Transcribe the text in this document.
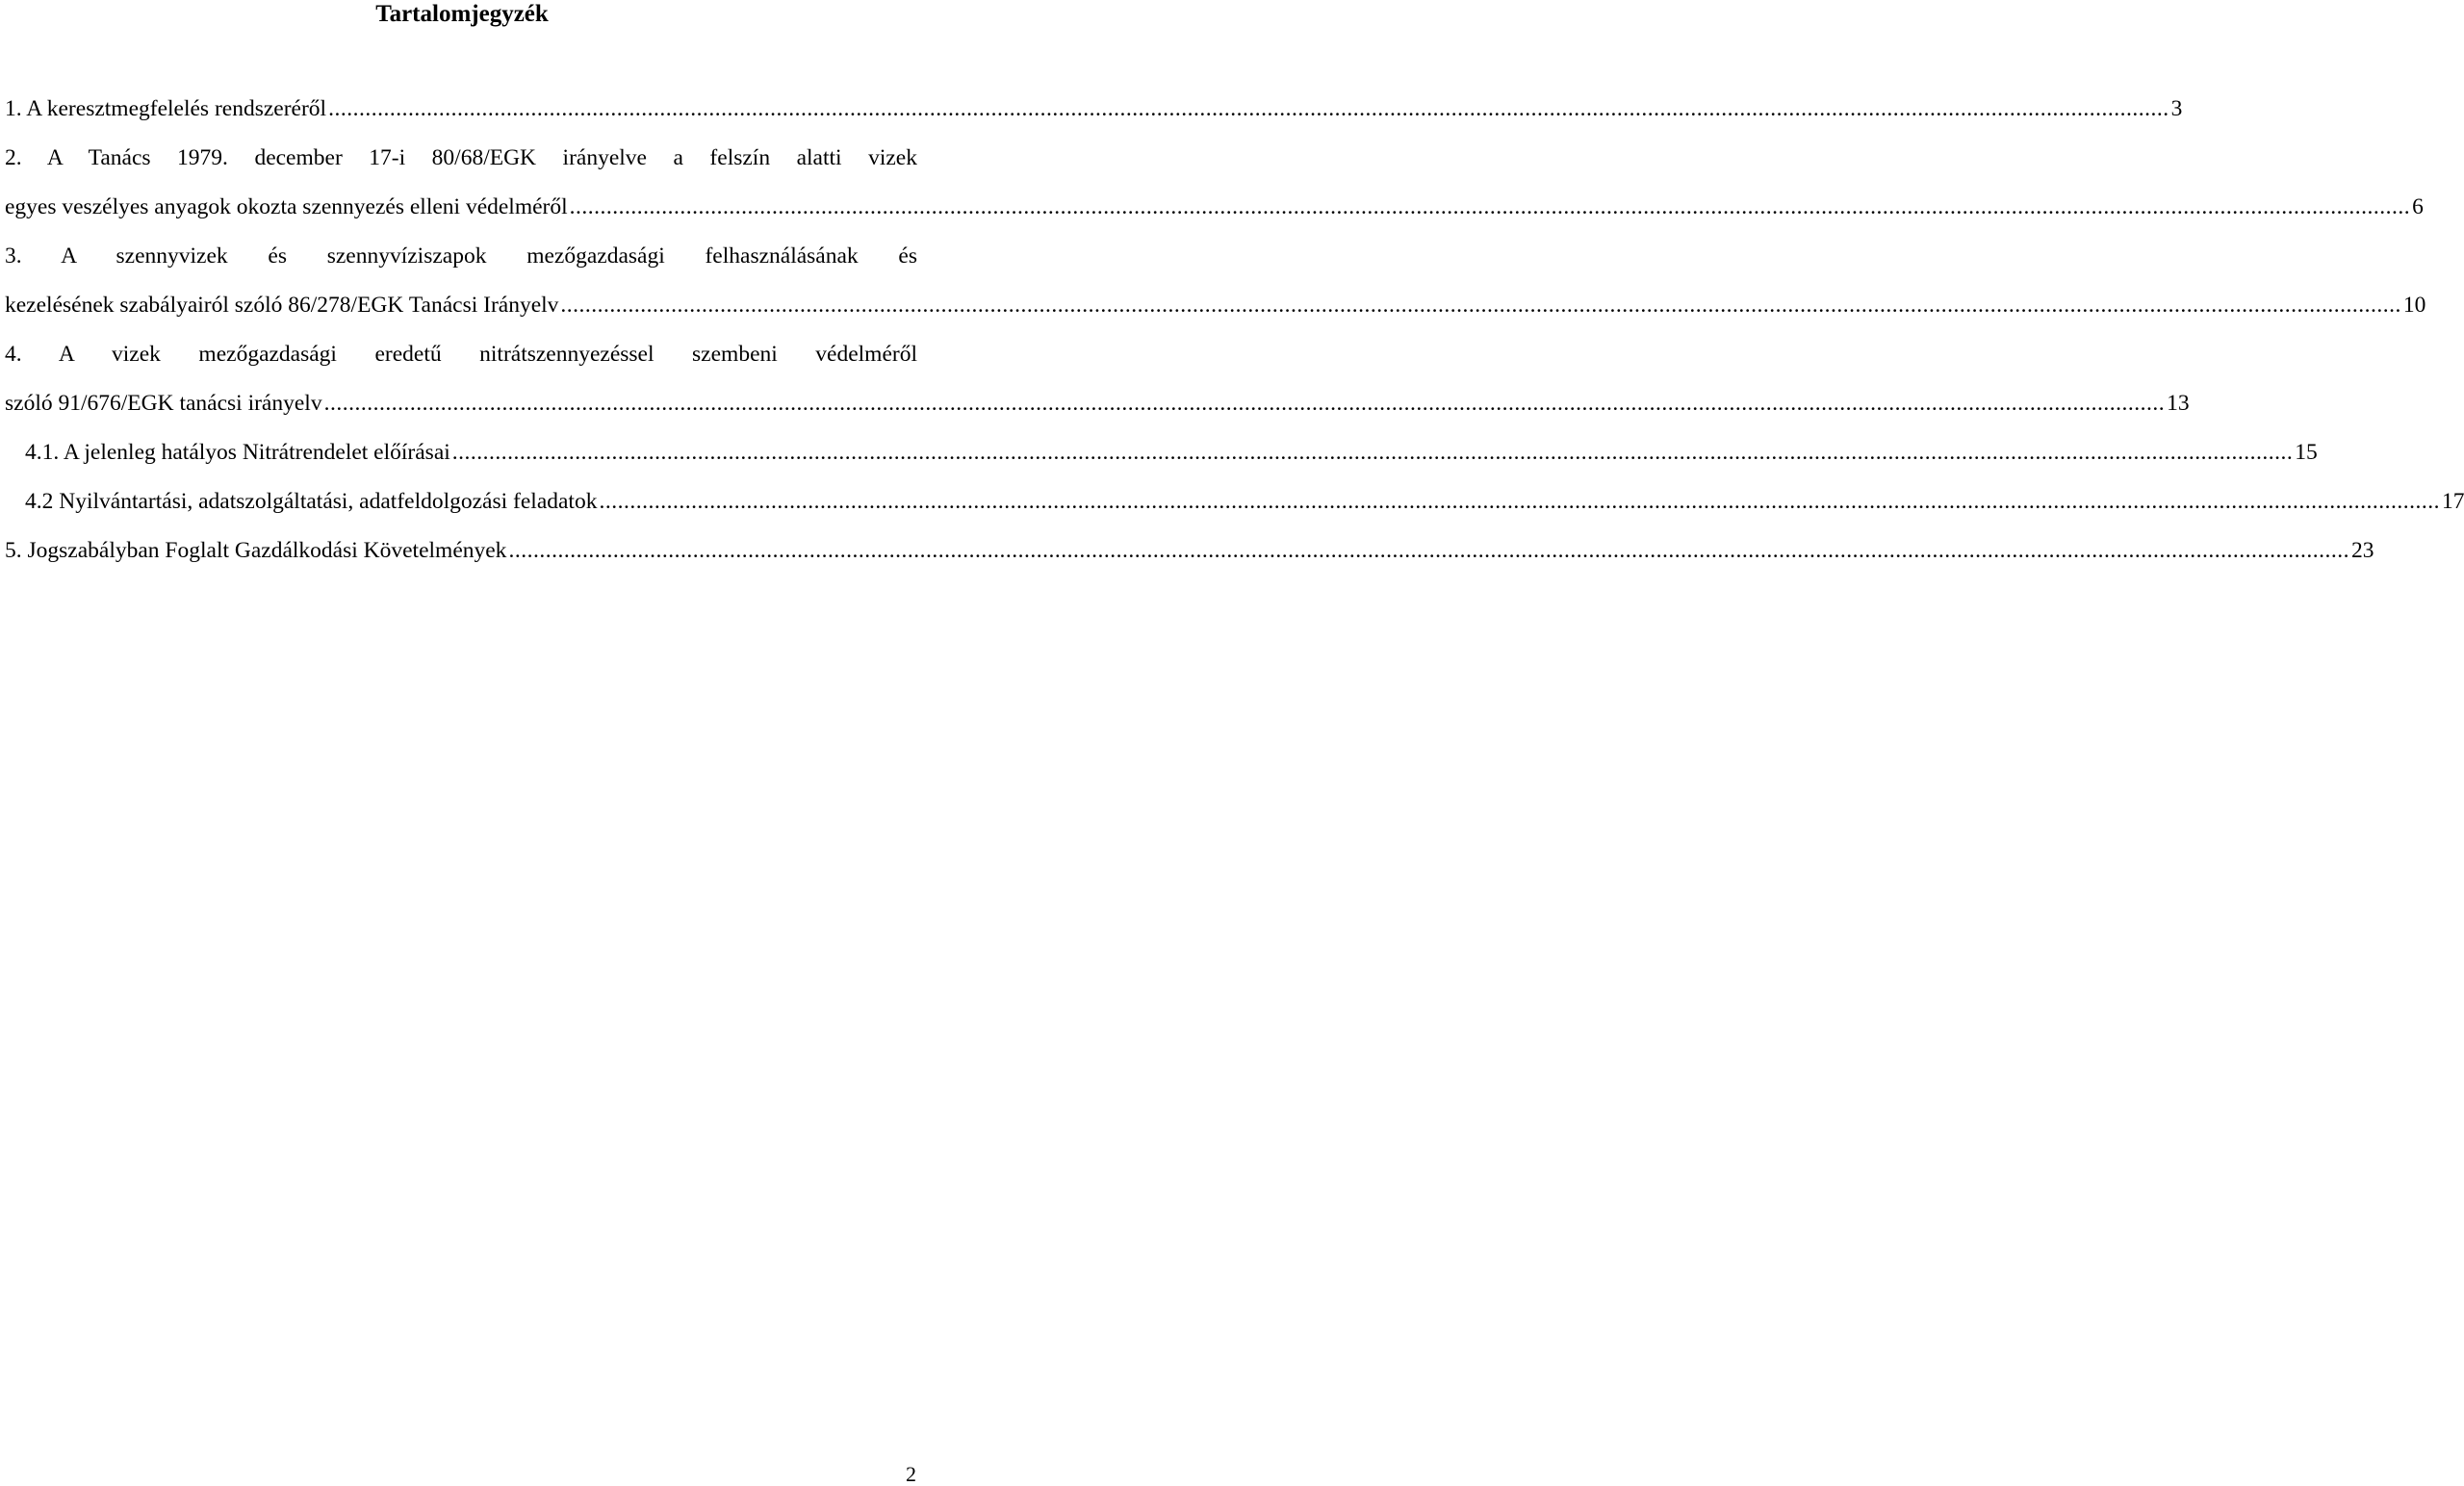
Tartalomjegyzék
1. A keresztmegfelelés rendszeréről ............................................................................................................................................................................................................................................................................................................ 3
2. A Tanács 1979. december 17-i 80/68/EGK irányelve a felszín alatti vizek
egyes veszélyes anyagok okozta szennyezés elleni védelméről ............................................................................................................................................................................................................................................................................................................ 6
3. A szennyvizek és szennyvíziszapok mezőgazdasági felhasználásának és
kezelésének szabályairól szóló 86/278/EGK Tanácsi Irányelv ............................................................................................................................................................................................................................................................................................................ 10
4. A vizek mezőgazdasági eredetű nitrátszennyezéssel szembeni védelméről
szóló 91/676/EGK tanácsi irányelv ............................................................................................................................................................................................................................................................................................................ 13
4.1. A jelenleg hatályos Nitrátrendelet előírásai ............................................................................................................................................................................................................................................................................................................ 15
4.2 Nyilvántartási, adatszolgáltatási, adatfeldolgozási feladatok ............................................................................................................................................................................................................................................................................................................ 17
5. Jogszabályban Foglalt Gazdálkodási Követelmények ............................................................................................................................................................................................................................................................................................................ 23
2
